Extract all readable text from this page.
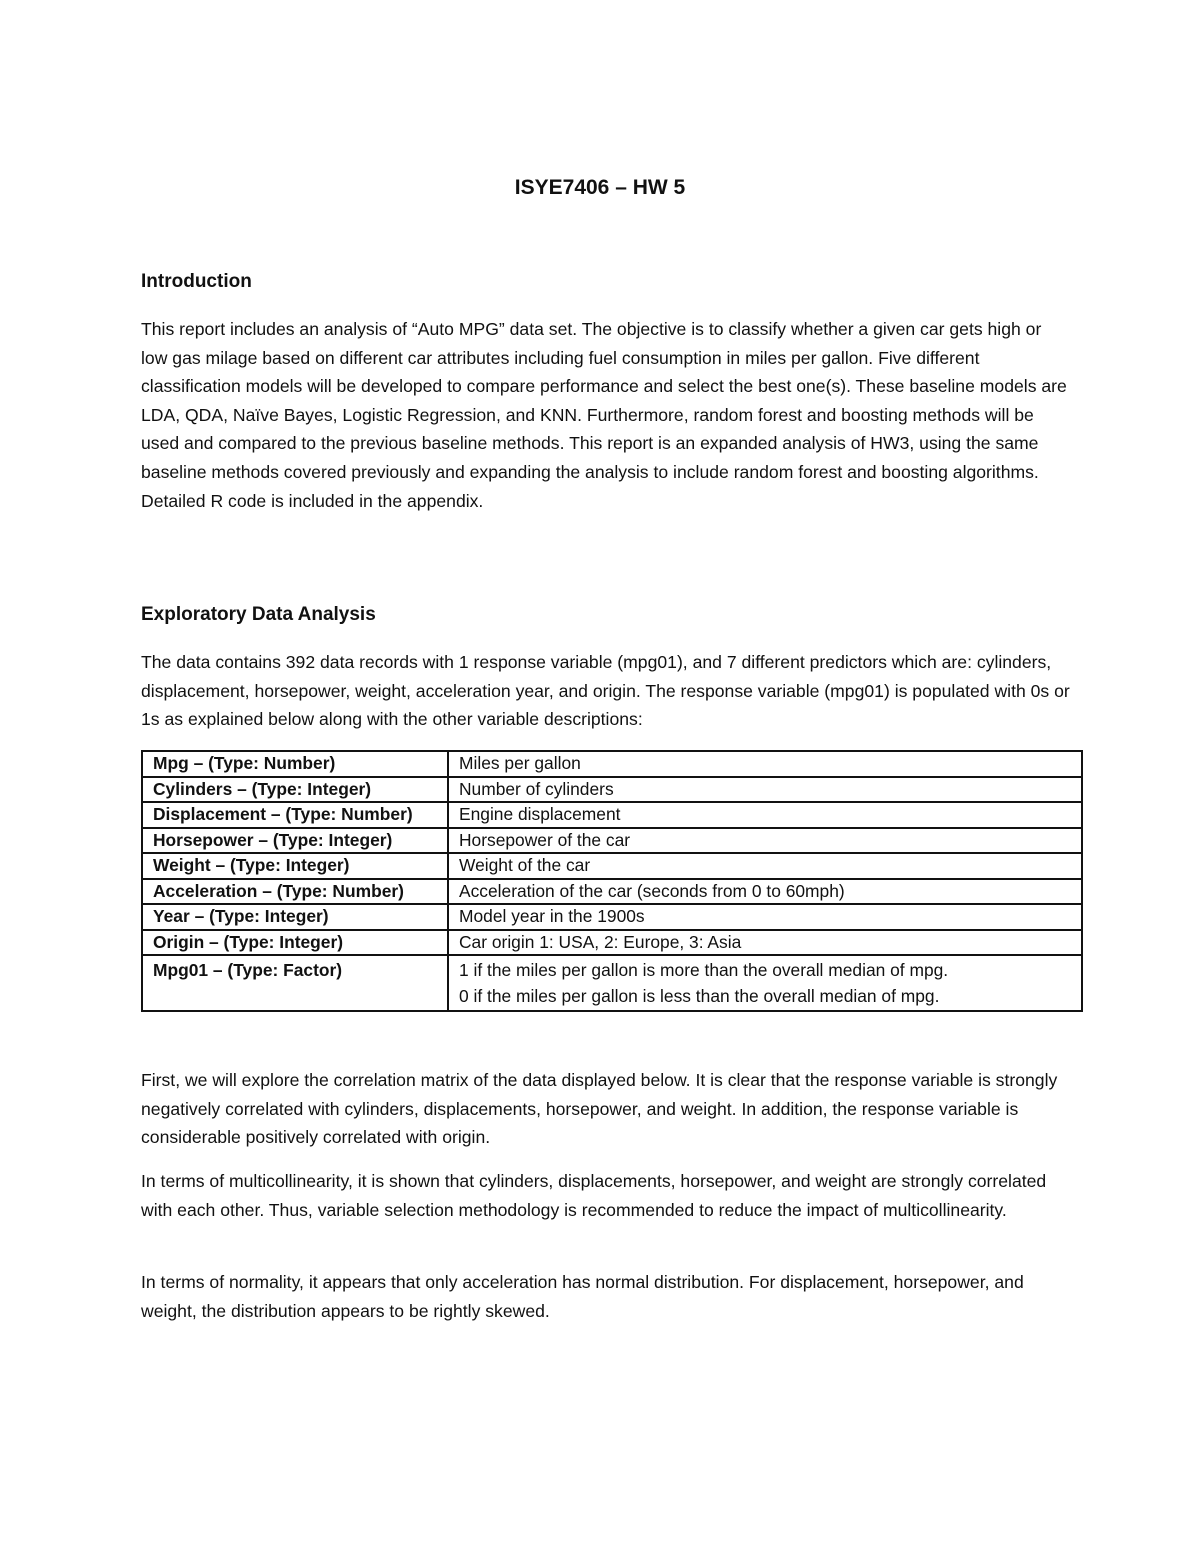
ISYE7406 – HW 5
Introduction

This report includes an analysis of “Auto MPG” data set. The objective is to classify whether a given car gets high or low gas milage based on different car attributes including fuel consumption in miles per gallon. Five different classification models will be developed to compare performance and select the best one(s). These baseline models are LDA, QDA, Naïve Bayes, Logistic Regression, and KNN. Furthermore, random forest and boosting methods will be used and compared to the previous baseline methods. This report is an expanded analysis of HW3, using the same baseline methods covered previously and expanding the analysis to include random forest and boosting algorithms. Detailed R code is included in the appendix.

Exploratory Data Analysis

The data contains 392 data records with 1 response variable (mpg01), and 7 different predictors which are: cylinders, displacement, horsepower, weight, acceleration year, and origin. The response variable (mpg01) is populated with 0s or 1s as explained below along with the other variable descriptions:

Mpg – (Type: Number)	Miles per gallon
Cylinders – (Type: Integer)	Number of cylinders
Displacement – (Type: Number)	Engine displacement
Horsepower – (Type: Integer)	Horsepower of the car
Weight – (Type: Integer)	Weight of the car
Acceleration – (Type: Number)	Acceleration of the car (seconds from 0 to 60mph)
Year – (Type: Integer)	Model year in the 1900s
Origin – (Type: Integer)	Car origin 1: USA, 2: Europe, 3: Asia
Mpg01 – (Type: Factor)	1 if the miles per gallon is more than the overall median of mpg.
0 if the miles per gallon is less than the overall median of mpg.

First, we will explore the correlation matrix of the data displayed below. It is clear that the response variable is strongly negatively correlated with cylinders, displacements, horsepower, and weight. In addition, the response variable is considerable positively correlated with origin.

In terms of multicollinearity, it is shown that cylinders, displacements, horsepower, and weight are strongly correlated with each other. Thus, variable selection methodology is recommended to reduce the impact of multicollinearity.

In terms of normality, it appears that only acceleration has normal distribution. For displacement, horsepower, and weight, the distribution appears to be rightly skewed.
